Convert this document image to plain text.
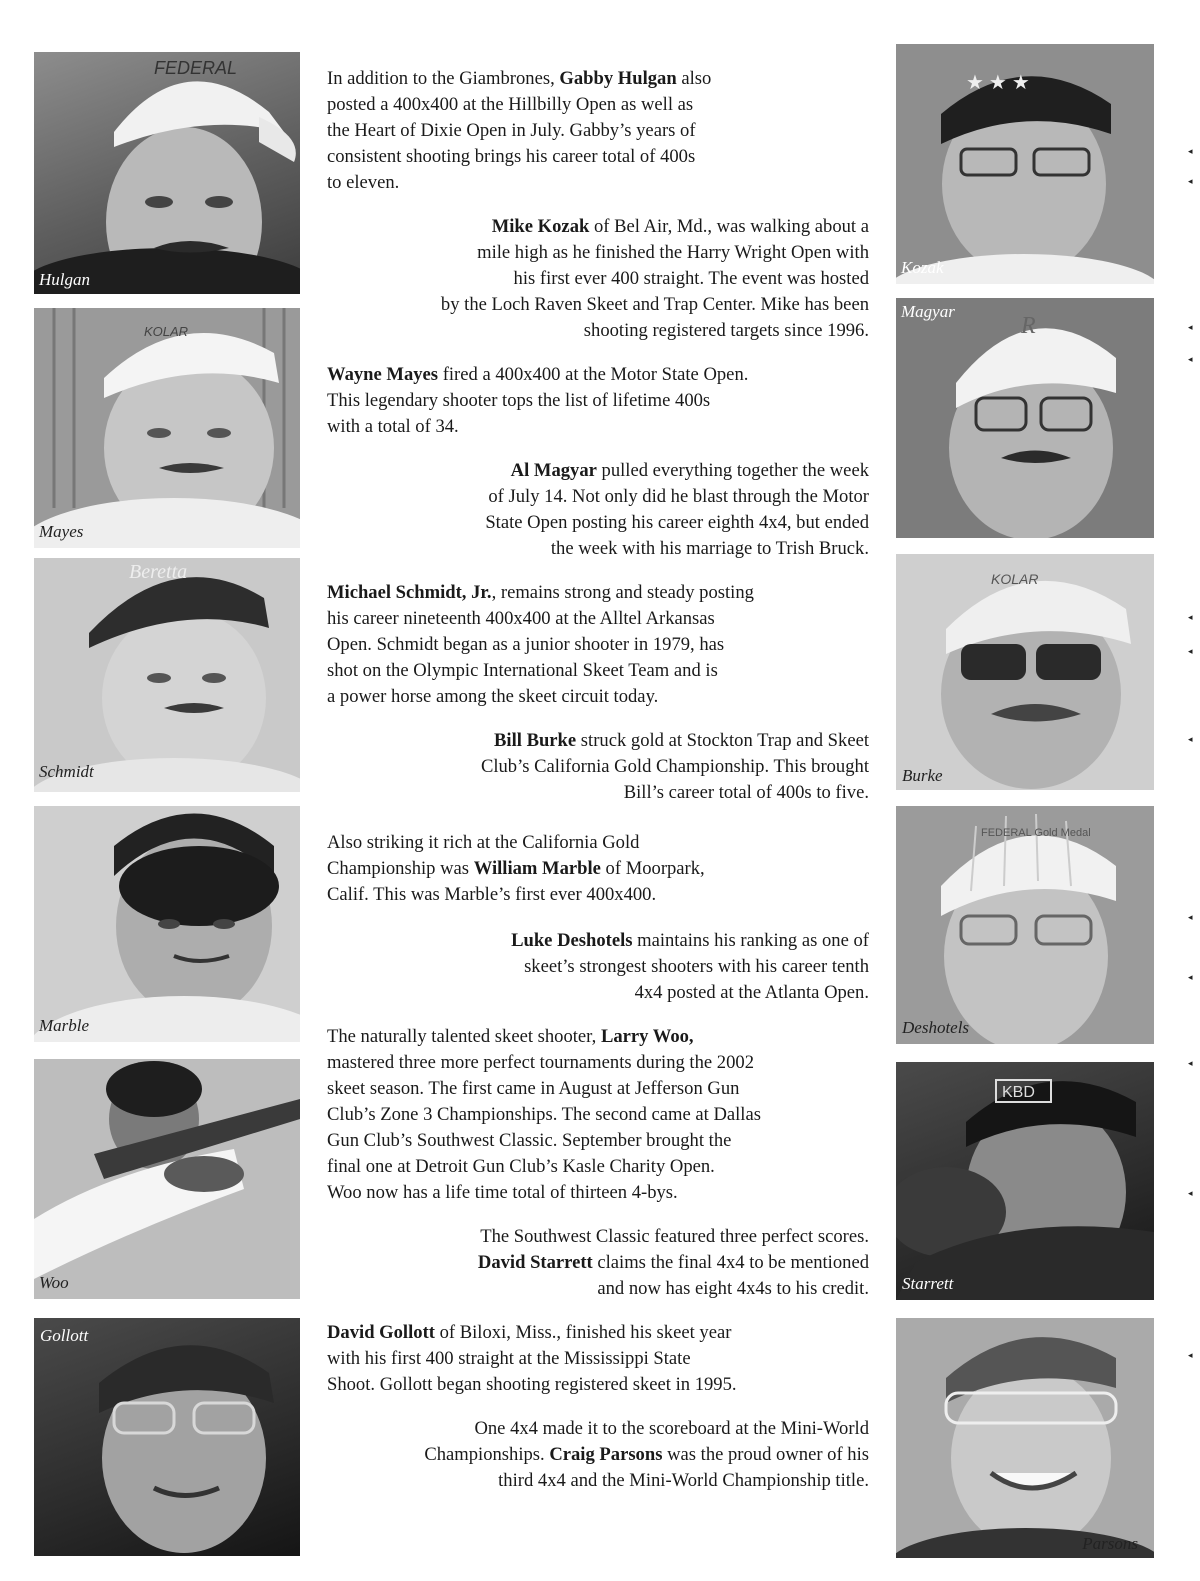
FEDERAL
Hulgan
KOLAR
Mayes
Beretta
Schmidt
Marble
Woo
Gollott
★ ★ ★
Kozak
R
Magyar
KOLAR
Burke
FEDERAL Gold Medal
Deshotels
KBD
Starrett
Parsons

In addition to the Giambrones, Gabby Hulgan also
posted a 400x400 at the Hillbilly Open as well as
the Heart of Dixie Open in July. Gabby’s years of
consistent shooting brings his career total of 400s
to eleven.

Mike Kozak of Bel Air, Md., was walking about a
mile high as he finished the Harry Wright Open with
his first ever 400 straight. The event was hosted
by the Loch Raven Skeet and Trap Center. Mike has been
shooting registered targets since 1996.

Wayne Mayes fired a 400x400 at the Motor State Open.
This legendary shooter tops the list of lifetime 400s
with a total of 34.

Al Magyar pulled everything together the week
of July 14. Not only did he blast through the Motor
State Open posting his career eighth 4x4, but ended
the week with his marriage to Trish Bruck.

Michael Schmidt, Jr., remains strong and steady posting
his career nineteenth 400x400 at the Alltel Arkansas
Open. Schmidt began as a junior shooter in 1979, has
shot on the Olympic International Skeet Team and is
a power horse among the skeet circuit today.

Bill Burke struck gold at Stockton Trap and Skeet
Club’s California Gold Championship. This brought
Bill’s career total of 400s to five.

Also striking it rich at the California Gold
Championship was William Marble of Moorpark,
Calif. This was Marble’s first ever 400x400.

Luke Deshotels maintains his ranking as one of
skeet’s strongest shooters with his career tenth
4x4 posted at the Atlanta Open.

The naturally talented skeet shooter, Larry Woo,
mastered three more perfect tournaments during the 2002
skeet season. The first came in August at Jefferson Gun
Club’s Zone 3 Championships. The second came at Dallas
Gun Club’s Southwest Classic. September brought the
final one at Detroit Gun Club’s Kasle Charity Open.
Woo now has a life time total of thirteen 4-bys.

The Southwest Classic featured three perfect scores.
David Starrett claims the final 4x4 to be mentioned
and now has eight 4x4s to his credit.

David Gollott of Biloxi, Miss., finished his skeet year
with his first 400 straight at the Mississippi State
Shoot. Gollott began shooting registered skeet in 1995.

One 4x4 made it to the scoreboard at the Mini-World
Championships. Craig Parsons was the proud owner of his
third 4x4 and the Mini-World Championship title.

◂
◂
◂
◂
◂
◂
◂
◂
◂
◂
◂
◂
